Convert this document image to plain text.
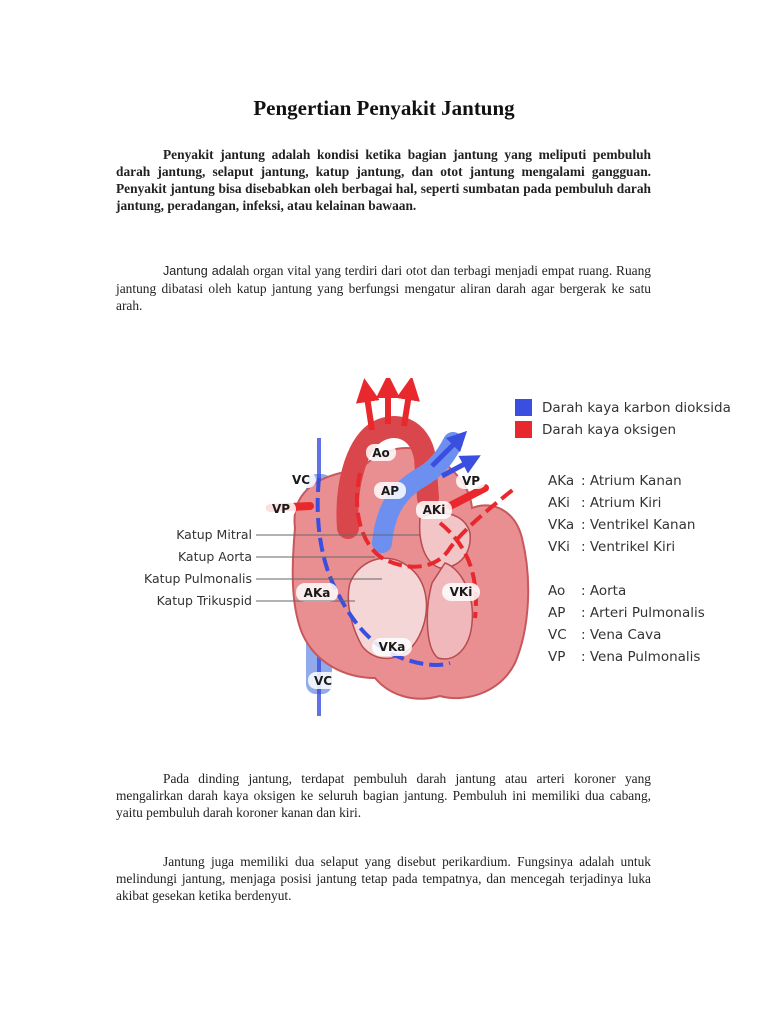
Pengertian Penyakit Jantung

Penyakit jantung adalah kondisi ketika bagian jantung yang meliputi pembuluh darah jantung, selaput jantung, katup jantung, dan otot jantung mengalami gangguan. Penyakit jantung bisa disebabkan oleh berbagai hal, seperti sumbatan pada pembuluh darah jantung, peradangan, infeksi, atau kelainan bawaan.

Jantung adalah organ vital yang terdiri dari otot dan terbagi menjadi empat ruang. Ruang jantung dibatasi oleh katup jantung yang berfungsi mengatur aliran darah agar bergerak ke satu arah.

Ao
AP
VC
VP
VP
AKi
AKa	VKi
VKa
VC
Katup Mitral
Katup Aorta
Katup Pulmonalis
Katup Trikuspid
Darah kaya karbon dioksida
Darah kaya oksigen
AKa : Atrium Kanan
AKi : Atrium Kiri
VKa : Ventrikel Kanan
VKi : Ventrikel Kiri
Ao : Aorta
AP : Arteri Pulmonalis
VC : Vena Cava
VP : Vena Pulmonalis

Pada dinding jantung, terdapat pembuluh darah jantung atau arteri koroner yang mengalirkan darah kaya oksigen ke seluruh bagian jantung. Pembuluh ini memiliki dua cabang, yaitu pembuluh darah koroner kanan dan kiri.

Jantung juga memiliki dua selaput yang disebut perikardium. Fungsinya adalah untuk melindungi jantung, menjaga posisi jantung tetap pada tempatnya, dan mencegah terjadinya luka akibat gesekan ketika berdenyut.
